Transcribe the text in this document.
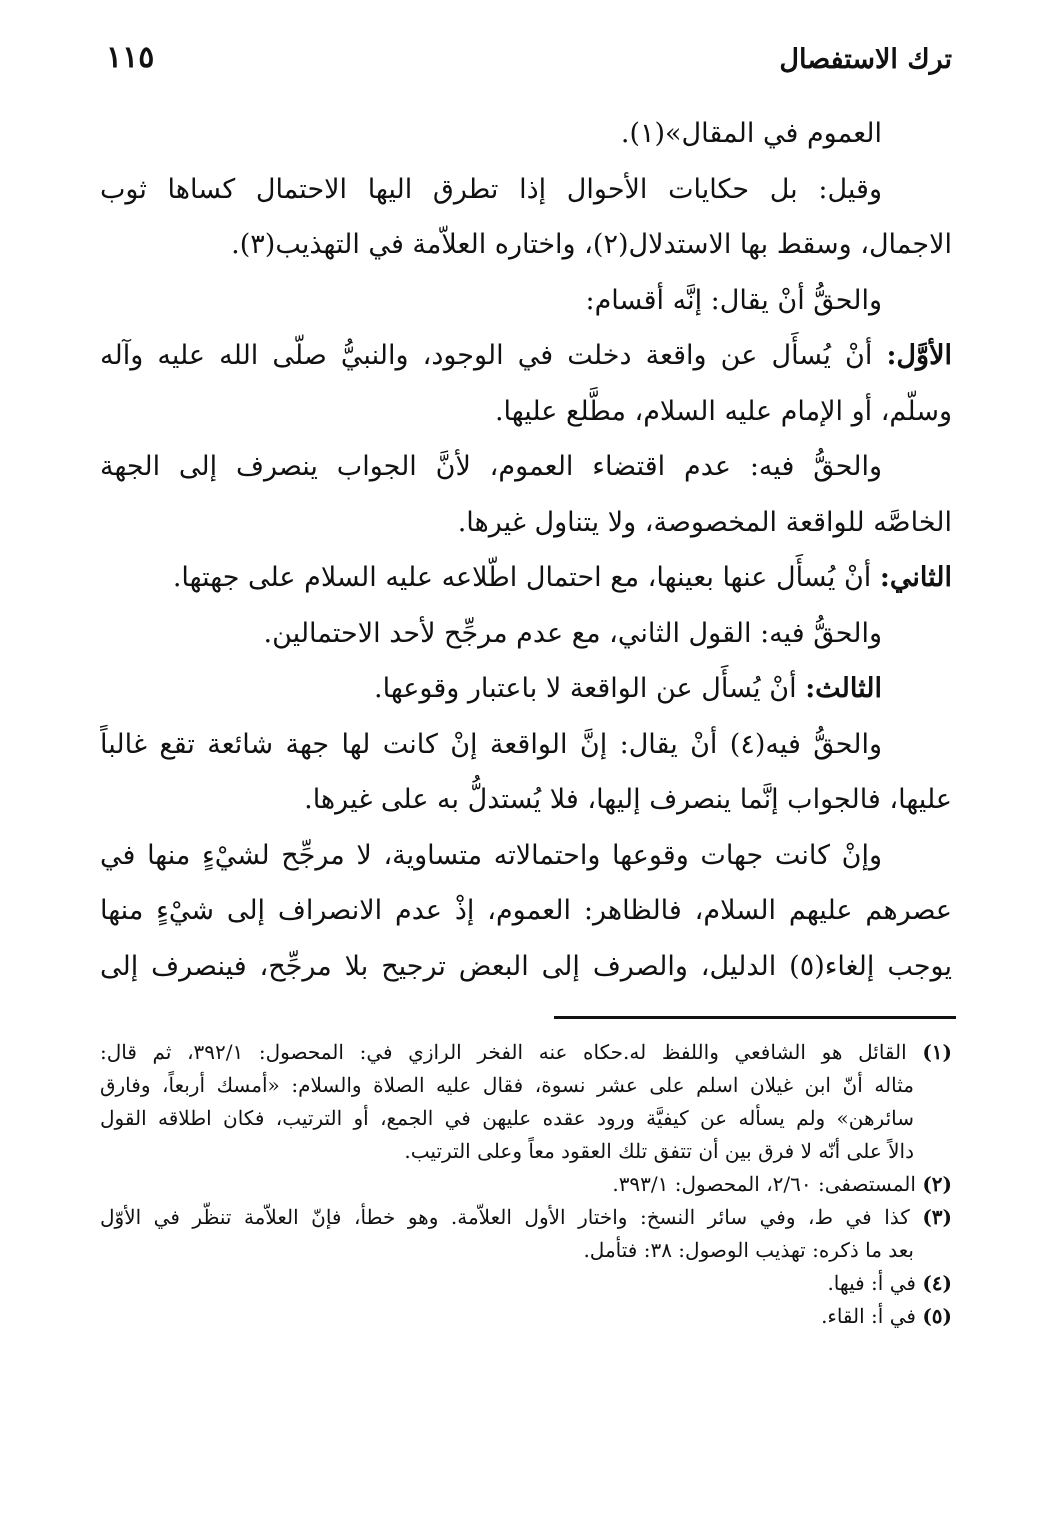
ترك الاستفصال
١١٥
العموم في المقال»(١).
وقيل: بل حكايات الأحوال إذا تطرق اليها الاحتمال كساها ثوب
الاجمال، وسقط بها الاستدلال(٢)، واختاره العلاّمة في التهذيب(٣).
والحقُّ أنْ يقال: إنَّه أقسام:
الأوَّل: أنْ يُسأَل عن واقعة دخلت في الوجود، والنبيُّ صلّى الله عليه وآله
وسلّم، أو الإمام عليه السلام، مطَّلع عليها.
والحقُّ فيه: عدم اقتضاء العموم، لأنَّ الجواب ينصرف إلى الجهة
الخاصَّه للواقعة المخصوصة، ولا يتناول غيرها.
الثاني: أنْ يُسأَل عنها بعينها، مع احتمال اطّلاعه عليه السلام على جهتها.
والحقُّ فيه: القول الثاني، مع عدم مرجِّح لأحد الاحتمالين.
الثالث: أنْ يُسأَل عن الواقعة لا باعتبار وقوعها.
والحقُّ فيه(٤) أنْ يقال: إنَّ الواقعة إنْ كانت لها جهة شائعة تقع غالباً
عليها، فالجواب إنَّما ينصرف إليها، فلا يُستدلُّ به على غيرها.
وإنْ كانت جهات وقوعها واحتمالاته متساوية، لا مرجِّح لشيْءٍ منها في
عصرهم عليهم السلام، فالظاهر: العموم، إذْ عدم الانصراف إلى شيْءٍ منها
يوجب إلغاء(٥) الدليل، والصرف إلى البعض ترجيح بلا مرجِّح، فينصرف إلى
(١) القائل هو الشافعي واللفظ له.حكاه عنه الفخر الرازي في: المحصول: ٣٩٢/١، ثم قال:
مثاله أنّ ابن غيلان اسلم على عشر نسوة، فقال عليه الصلاة والسلام: «أمسك أربعاً، وفارق
سائرهن» ولم يسأله عن كيفيَّة ورود عقده عليهن في الجمع، أو الترتيب، فكان اطلاقه القول
دالاً على أنّه لا فرق بين أن تتفق تلك العقود معاً وعلى الترتيب.
(٢) المستصفى: ٢/٦٠، المحصول: ٣٩٣/١.
(٣) كذا في ط، وفي سائر النسخ: واختار الأول العلاّمة. وهو خطأ، فإنّ العلاّمة تنظّر في الأوّل
بعد ما ذكره: تهذيب الوصول: ٣٨: فتأمل.
(٤) في أ: فيها.
(٥) في أ: القاء.
